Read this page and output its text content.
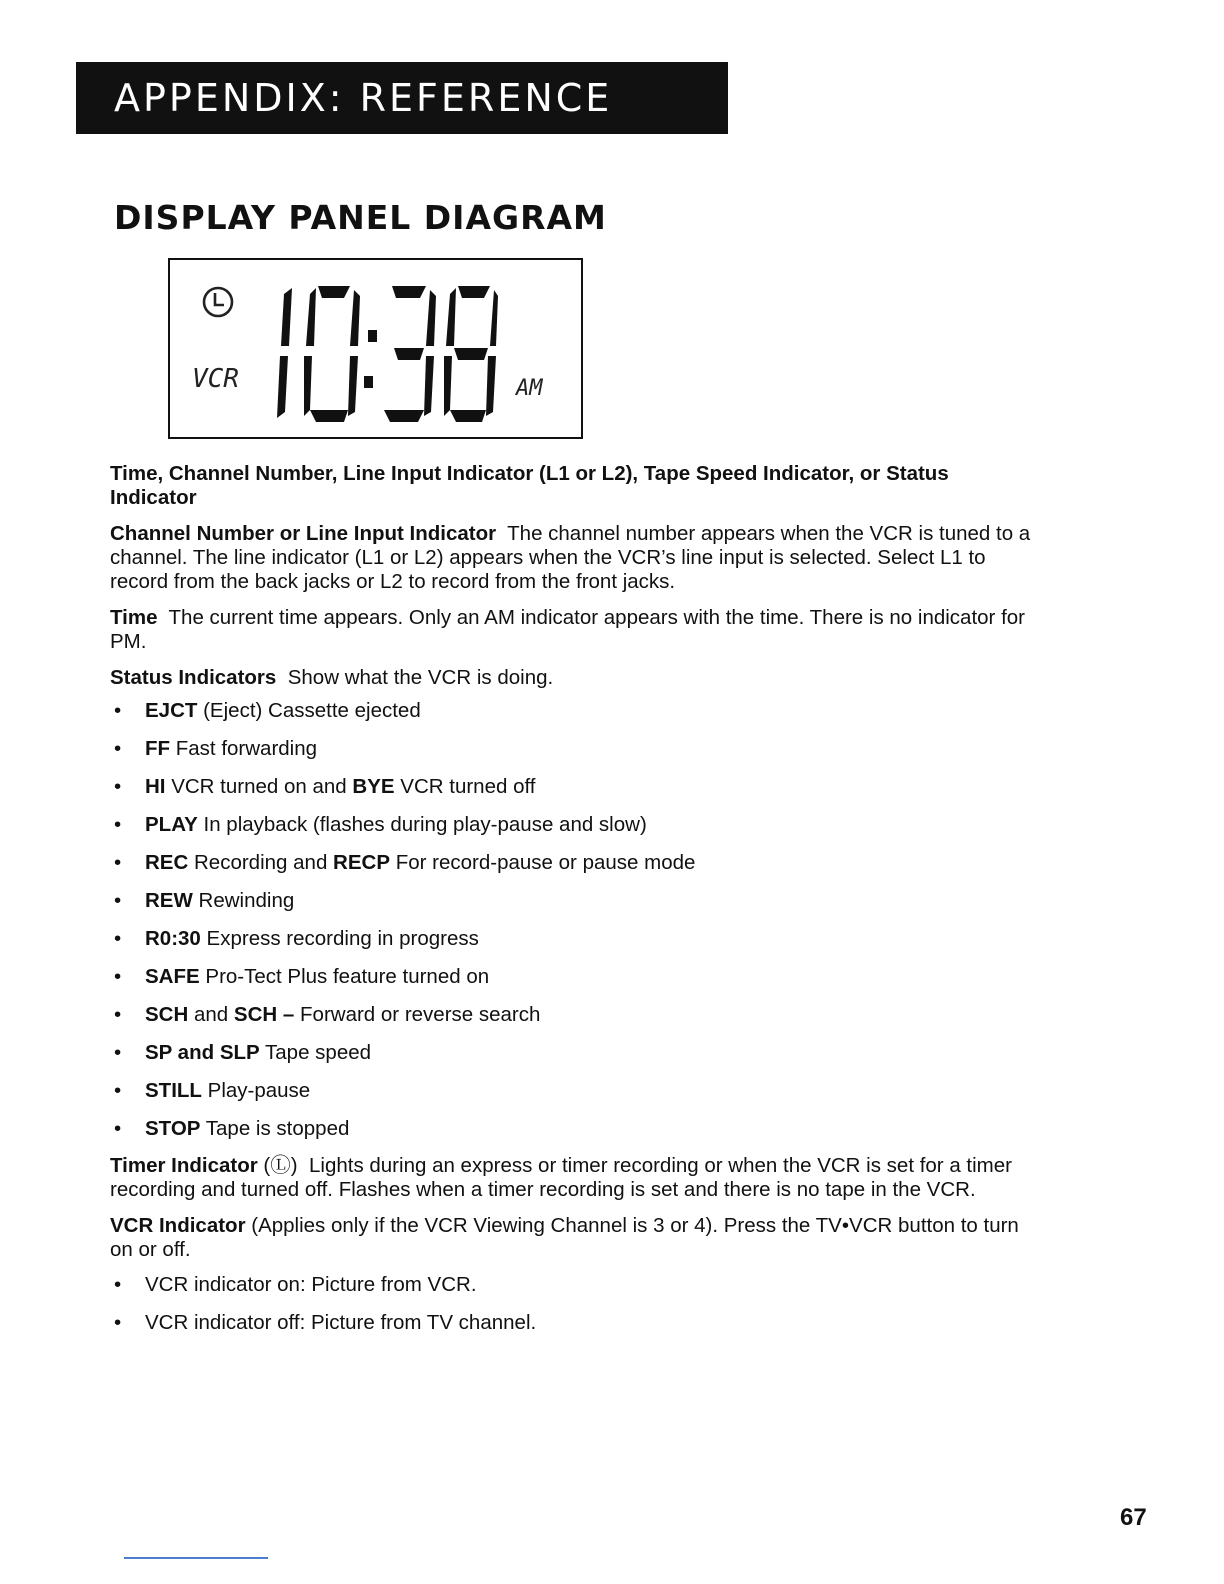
APPENDIX: REFERENCE
DISPLAY PANEL DIAGRAM
VCR	AM

Time, Channel Number, Line Input Indicator (L1 or L2), Tape Speed Indicator, or Status Indicator

Channel Number or Line Input Indicator The channel number appears when the VCR is tuned to a channel. The line indicator (L1 or L2) appears when the VCR’s line input is selected. Select L1 to record from the back jacks or L2 to record from the front jacks.

Time The current time appears. Only an AM indicator appears with the time. There is no indicator for PM.

Status Indicators Show what the VCR is doing.

• EJCT (Eject) Cassette ejected
• FF Fast forwarding
• HI VCR turned on and BYE VCR turned off
• PLAY In playback (flashes during play-pause and slow)
• REC Recording and RECP For record-pause or pause mode
• REW Rewinding
• R0:30 Express recording in progress
• SAFE Pro-Tect Plus feature turned on
• SCH and SCH – Forward or reverse search
• SP and SLP Tape speed
• STILL Play-pause
• STOP Tape is stopped

Timer Indicator (Ⓛ) Lights during an express or timer recording or when the VCR is set for a timer recording and turned off. Flashes when a timer recording is set and there is no tape in the VCR.

VCR Indicator (Applies only if the VCR Viewing Channel is 3 or 4). Press the TV•VCR button to turn on or off.

• VCR indicator on: Picture from VCR.
• VCR indicator off: Picture from TV channel.
67
